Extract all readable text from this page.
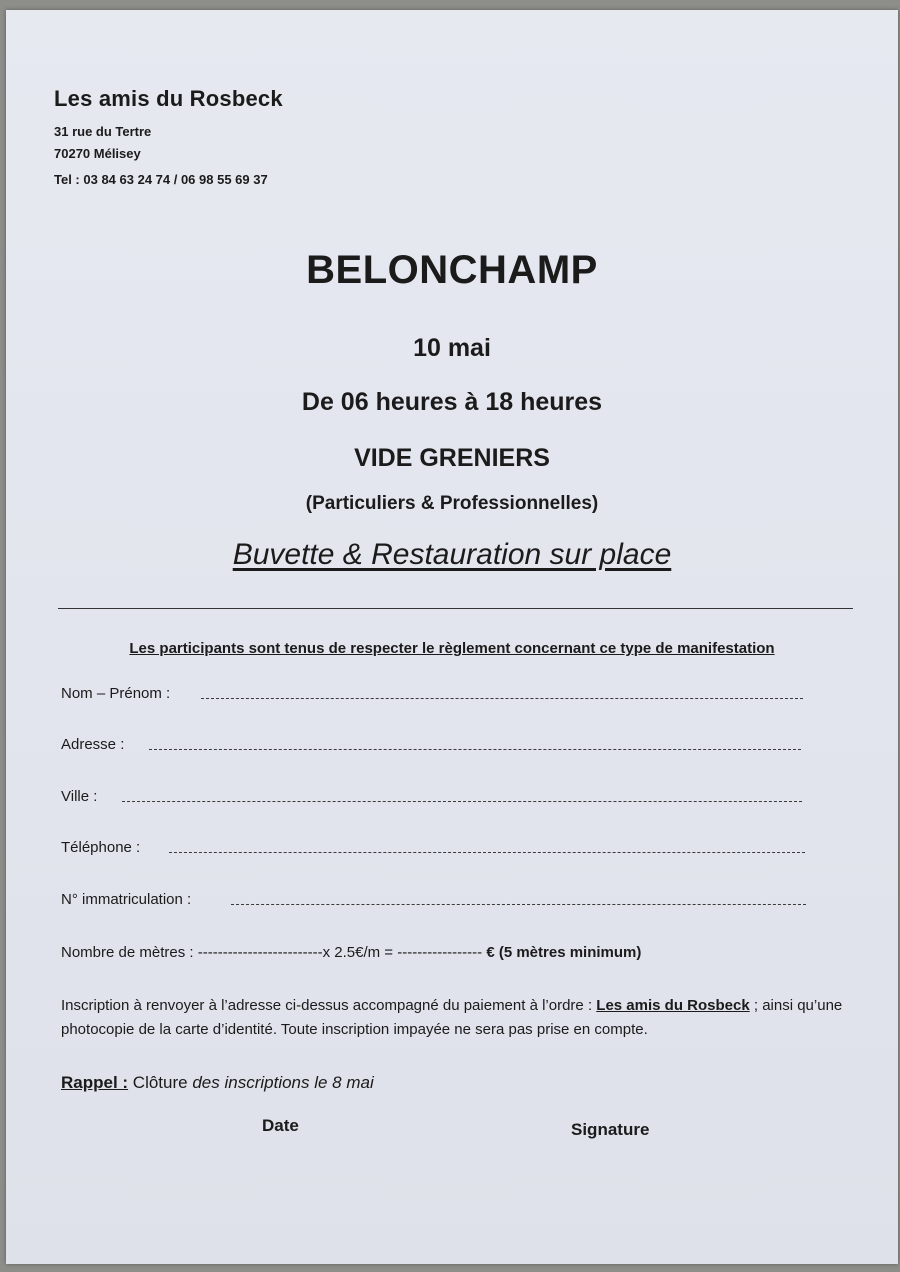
Les amis du Rosbeck
31 rue du Tertre
70270 Mélisey
Tel : 03 84 63 24 74 / 06 98 55 69 37
BELONCHAMP
10 mai
De 06 heures à 18 heures
VIDE GRENIERS
(Particuliers & Professionnelles)
Buvette & Restauration sur place
Les participants sont tenus de respecter le règlement concernant ce type de manifestation
Nom – Prénom :
Adresse :
Ville :
Téléphone :
N° immatriculation :
Nombre de mètres : -------------------------x 2.5€/m = ----------------- € (5 mètres minimum)
Inscription à renvoyer à l’adresse ci-dessus accompagné du paiement à l’ordre : Les amis du Rosbeck ; ainsi qu’une photocopie de la carte d’identité. Toute inscription impayée ne sera pas prise en compte.
Rappel : Clôture des inscriptions le 8 mai
Date	Signature
